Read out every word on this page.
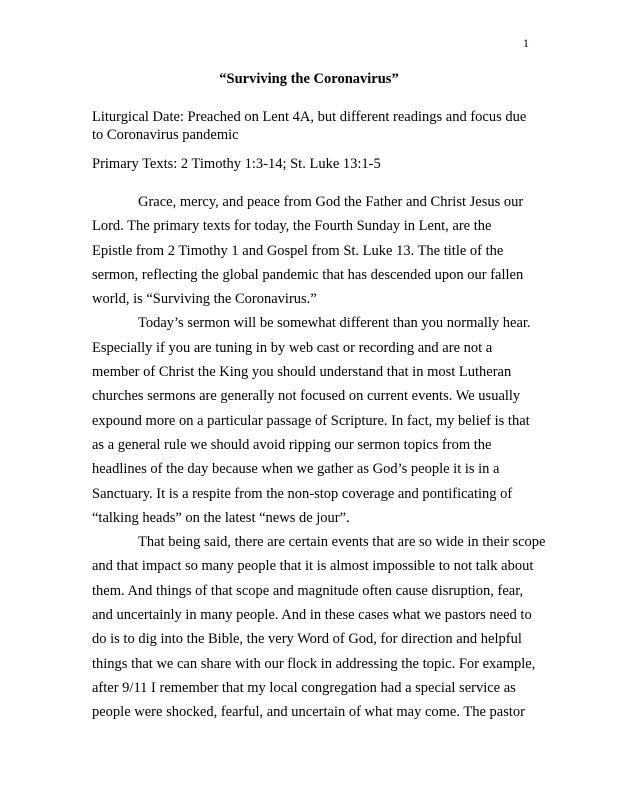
1
“Surviving the Coronavirus”
Liturgical Date: Preached on Lent 4A, but different readings and focus due
to Coronavirus pandemic
Primary Texts: 2 Timothy 1:3-14; St. Luke 13:1-5

Grace, mercy, and peace from God the Father and Christ Jesus our
Lord. The primary texts for today, the Fourth Sunday in Lent, are the
Epistle from 2 Timothy 1 and Gospel from St. Luke 13. The title of the
sermon, reflecting the global pandemic that has descended upon our fallen
world, is “Surviving the Coronavirus.”

Today’s sermon will be somewhat different than you normally hear.
Especially if you are tuning in by web cast or recording and are not a
member of Christ the King you should understand that in most Lutheran
churches sermons are generally not focused on current events. We usually
expound more on a particular passage of Scripture. In fact, my belief is that
as a general rule we should avoid ripping our sermon topics from the
headlines of the day because when we gather as God’s people it is in a
Sanctuary. It is a respite from the non-stop coverage and pontificating of
“talking heads” on the latest “news de jour”.

That being said, there are certain events that are so wide in their scope
and that impact so many people that it is almost impossible to not talk about
them. And things of that scope and magnitude often cause disruption, fear,
and uncertainly in many people. And in these cases what we pastors need to
do is to dig into the Bible, the very Word of God, for direction and helpful
things that we can share with our flock in addressing the topic. For example,
after 9/11 I remember that my local congregation had a special service as
people were shocked, fearful, and uncertain of what may come. The pastor
